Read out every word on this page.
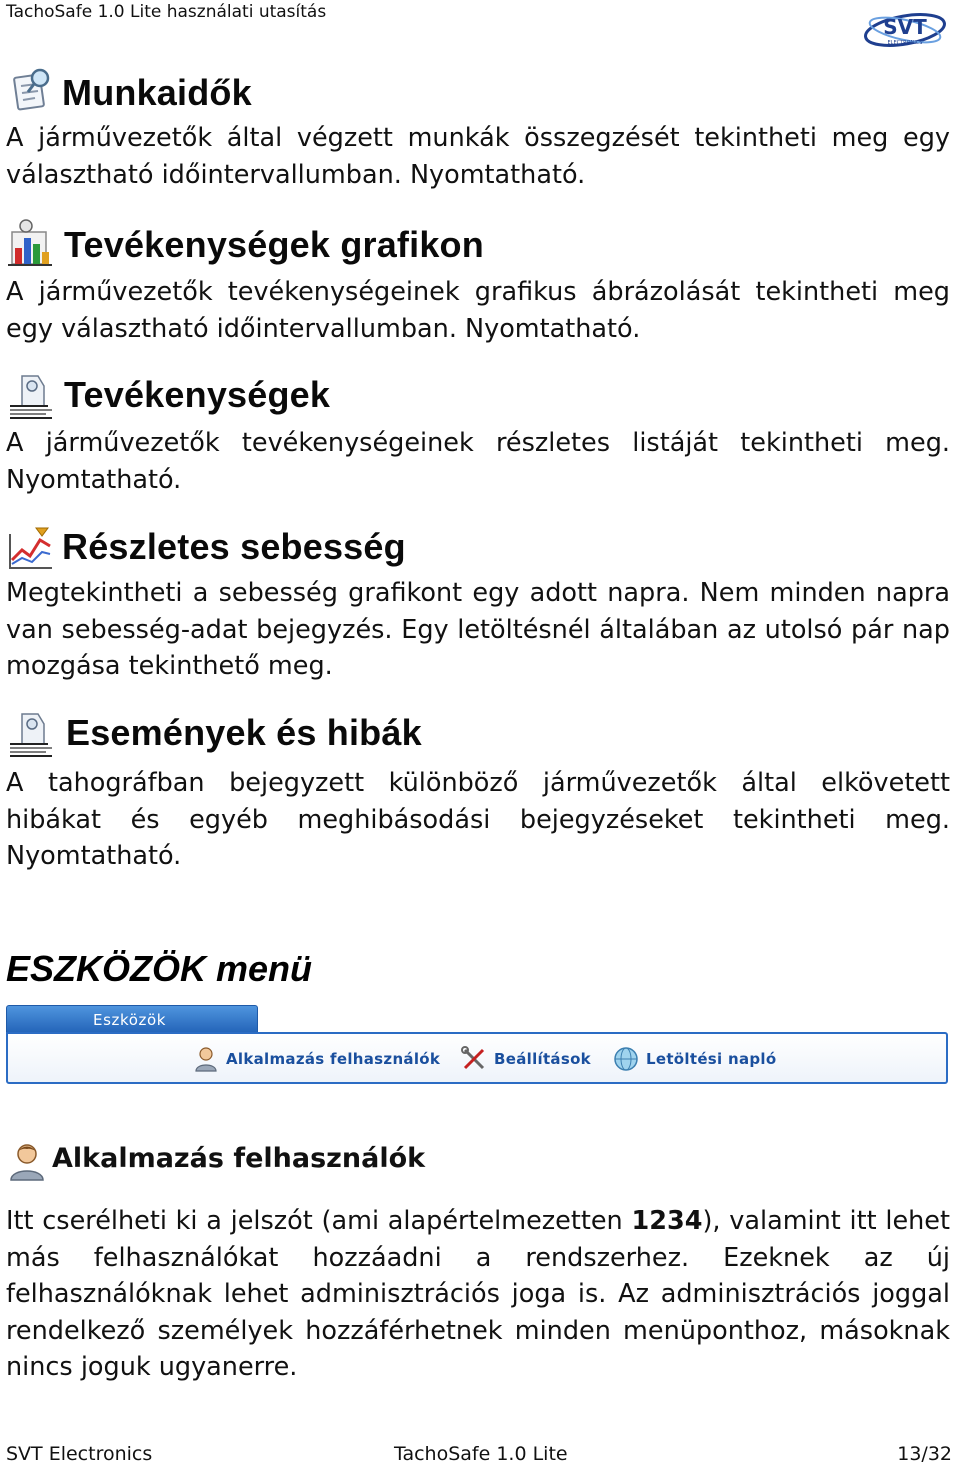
TachoSafe 1.0 Lite használati utasítás
SVT
ELECTRONICS
Munkaidők
A járművezetők által végzett munkák összegzését tekintheti meg egy választható időintervallumban. Nyomtatható.
Tevékenységek grafikon
A járművezetők tevékenységeinek grafikus ábrázolását tekintheti meg egy választható időintervallumban. Nyomtatható.
Tevékenységek
A járművezetők tevékenységeinek részletes listáját tekintheti meg. Nyomtatható.
Részletes sebesség
Megtekintheti a sebesség grafikont egy adott napra. Nem minden napra van sebesség-adat bejegyzés. Egy letöltésnél általában az utolsó pár nap mozgása tekinthető meg.
Események és hibák
A tahográfban bejegyzett különböző járművezetők által elkövetett hibákat és egyéb meghibásodási bejegyzéseket tekintheti meg. Nyomtatható.
ESZKÖZÖK menü
Eszközök
Alkalmazás felhasználók	Beállítások	Letöltési napló
Alkalmazás felhasználók
Itt cserélheti ki a jelszót (ami alapértelmezetten 1234), valamint itt lehet más felhasználókat hozzáadni a rendszerhez. Ezeknek az új felhasználóknak lehet adminisztrációs joga is. Az adminisztrációs joggal rendelkező személyek hozzáférhetnek minden menüponthoz, másoknak nincs joguk ugyanerre.
SVT Electronics	TachoSafe 1.0 Lite	13/32
